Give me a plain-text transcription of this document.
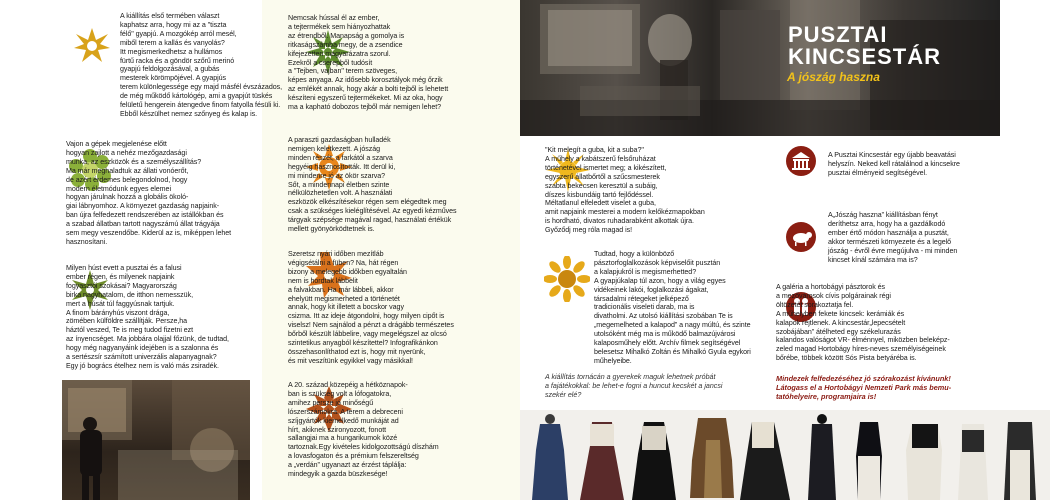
PUSZTAI
KINCSESTÁR
A jószág haszna
A kiállítás első termében választ
kaphatsz arra, hogy mi az a "tiszta
félő" gyapjú. A mozgókép arról mesél,
miből terem a kallás és vanyolás?
Itt megismerkedhetsz a hullámos
fürtű racka és a göndör szőrű merinó
gyapjú feldolgozásával, a gubás
mesterek körömpöjével. A gyapjús
terem különlegessége egy majd másfél évszázados,
de még működő kártológép, ami a gyapjút tüskés
felületű hengerein átengedve finom fatyolla fésüli ki.
Ebből készülhet nemez szőnyeg és kalap is.
Vajon a gépek megjelenése előtt
hogyan zajlott a nehéz mezőgazdasági
munka, az eszközök és a személyszállítás?
Ma már meghaladtuk az állati vonóerőt,
de azért érdemes belegondolnod, hogy
modern életmódunk egyes elemei
hogyan járulnak hozzá a globális ökoló-
giai lábnyomhoz. A környezet gazdaság napjaink-
ban újra felfedezett rendszerében az istállókban és
a szabad állatban tartott nagyszámú állat trágyája
sem megy veszendőbe. Kiderül az is, miképpen lehet
hasznosítani.
Milyen húst evett a pusztai és a falusi
ember régen, és milyenek napjaink
fogyasztói szokásai? Magyarország
birka nagyhatalom, de itthon nemesszük,
mert a húsát túl faggyúsnak tartjuk.
A finom bárányhús viszont drága,
zömében külföldre szállítják. Persze,ha
háztól veszed, Te is meg tudod fizetni ezt
az ínyencséget. Ma jobbára olajjal főzünk, de tudtad,
hogy még nagyanyáink idejében is a szalonna és
a sertészsír számított univerzális alapanyagnak?
Egy jó bogrács ételhez nem is való más zsiradék.
Nemcsak hússal él az ember,
a tejtermékek sem hiányozhattak
az étrendből. Manapság a gomolya is
ritkaságszámba megy, de a zsendice
kifejezetten magyarázatra szorul.
Ezekről a cserepből tudósít
a "Tejben, vajban" terem szöveges,
képes anyaga. Az idősebb korosztályok még őrzik
az emlékét annak, hogy akár a bolti tejből is lehetett
készíteni egyszerű tejtermékeket. Mi az oka, hogy
ma a kapható dobozos tejből már nemigen lehet?
A paraszti gazdaságban hulladék
nemigen keletkezett. A jószág
minden részét, a farkától a szarva
hegyéig hasznosították. Itt derül ki,
mi mindenre jó az ökör szarva?
Sőt, a mindennapi életben szinte
nélkülözhetetlen volt. A használati
eszközök elkészítésekor régen sem elégedtek meg
csak a szükséges kieléglítésével. Az egyedi kézműves
tárgyak szépsége magával ragad, használati értékük
mellett gyönyörködtetnek is.
Szeretsz nyári időben mezítláb
végigsétálni a füben? Na, hát régen
bizony a melegebb időkben egyaltalán
nem is hordtak lábbelit
a falvakban. Ha már lábbeli, akkor
ehelyütt megismerheted a történetét
annak, hogy kit illetett a bocskor vagy
csizma. Itt az ideje átgondolni, hogy milyen cipőt is
viselsz! Nem sajnálod a pénzt a drágább természetes
bőrből készült lábbelire, vagy megelégszel az olcsó
szintetikus anyagból készítettel? Infografikánkon
összehasonlíthatod ezt is, hogy mit nyerünk,
és mit veszítünk egyikkel vagy másikkal!
A 20. század közepéig a hétköznapok-
ban is szükség volt a lófogatokra,
amihez persze jó minőségű
lószerszámokra. A terem a debreceni
szíjgyártók kiemelkedő munkáját ad
hírt, akiknek szironyozott, fonott
sallangjai ma a hungarikumok közé
tartoznak.Egy kivételes kidolgozottságú díszhám
a lovasfogaton és a prémium felszereltség
a „verdán” ugyanazt az érzést táplálja:
mindegyik a gazda büszkesége!
"Kit melegít a guba, kit a suba?"
A műhely a kabátszerű felsőruházat
történetével ismertet meg; a kikészített,
egyszerű állatbőrtől a szűcsmesterek
szabta bekecsen keresztül a subáig,
díszes kisbundáig tartó fejlődéssel.
Méltatlanul elfeledett viselet a guba,
amit napjaink mesterei a modern kelőkézmapokban
is hordható, divatos ruhadarabként alkottak újra.
Győződj meg róla magad is!
Tudtad, hogy a különböző
pásztorfoglalkozások képviselőit pusztán
a kalapjukról is megismerhetted?
A gyapjúkalap túl azon, hogy a világ egyes
vidékeinek lakói, foglalkozási ágakat,
társadalmi rétegeket jelképező
tradicionális viseleti darab, ma is
divatholmi. Az utolsó kiállítási szobában Te is
„megemelheted a kalapod” a nagy múltú, és szinte
utolsóként még ma is működő balmazújvárosi
kalaposműhely előtt. Archív filmek segítségével
belesetsz Mihalkó Zoltán és Mihalkó Gyula egykori
műhelyeibe.
A kiállítás tornácán a gyerekek maguk lehetnek próbát
a fajátékokkal: be lehet-e fogni a huncut kecskét a jancsi
szekér elé?
A Pusztai Kincsestár egy újabb beavatási
helyszín. Neked kell rátalálnod a kincsekre
pusztai élményeid segítségével.
A„Jószág haszna” kiállításban fényt
deríthetsz arra, hogy ha a gazdálkodó
ember értő módon használja a pusztát,
akkor természeti környezete és a legelő
jószág - évről évre megújulva - mi minden
kincset kínál számára ma is?
A galéria a hortobágyi pásztorok és
a mezővárosok cívis polgárainak régi
öltözetét sorakoztatja fel.
A műhelyben fekete kincsek: kerámiák és
kalapok rejtlenek. A kincsestár„lepecsételt
szobájában” átélheted egy székelurazás
kalandos valóságot VR- élménnyel, miközben beleképz-
zeled magad Hortobágy híres-neves személyiségeinek
bőrébe, többek között Sós Pista betyáréba is.
Mindezek felfedezéséhez jó szórakozást kívánunk!
Látogass el a Hortobágyi Nemzeti Park más bemu-
tatóhelyeire, programjaira is!
